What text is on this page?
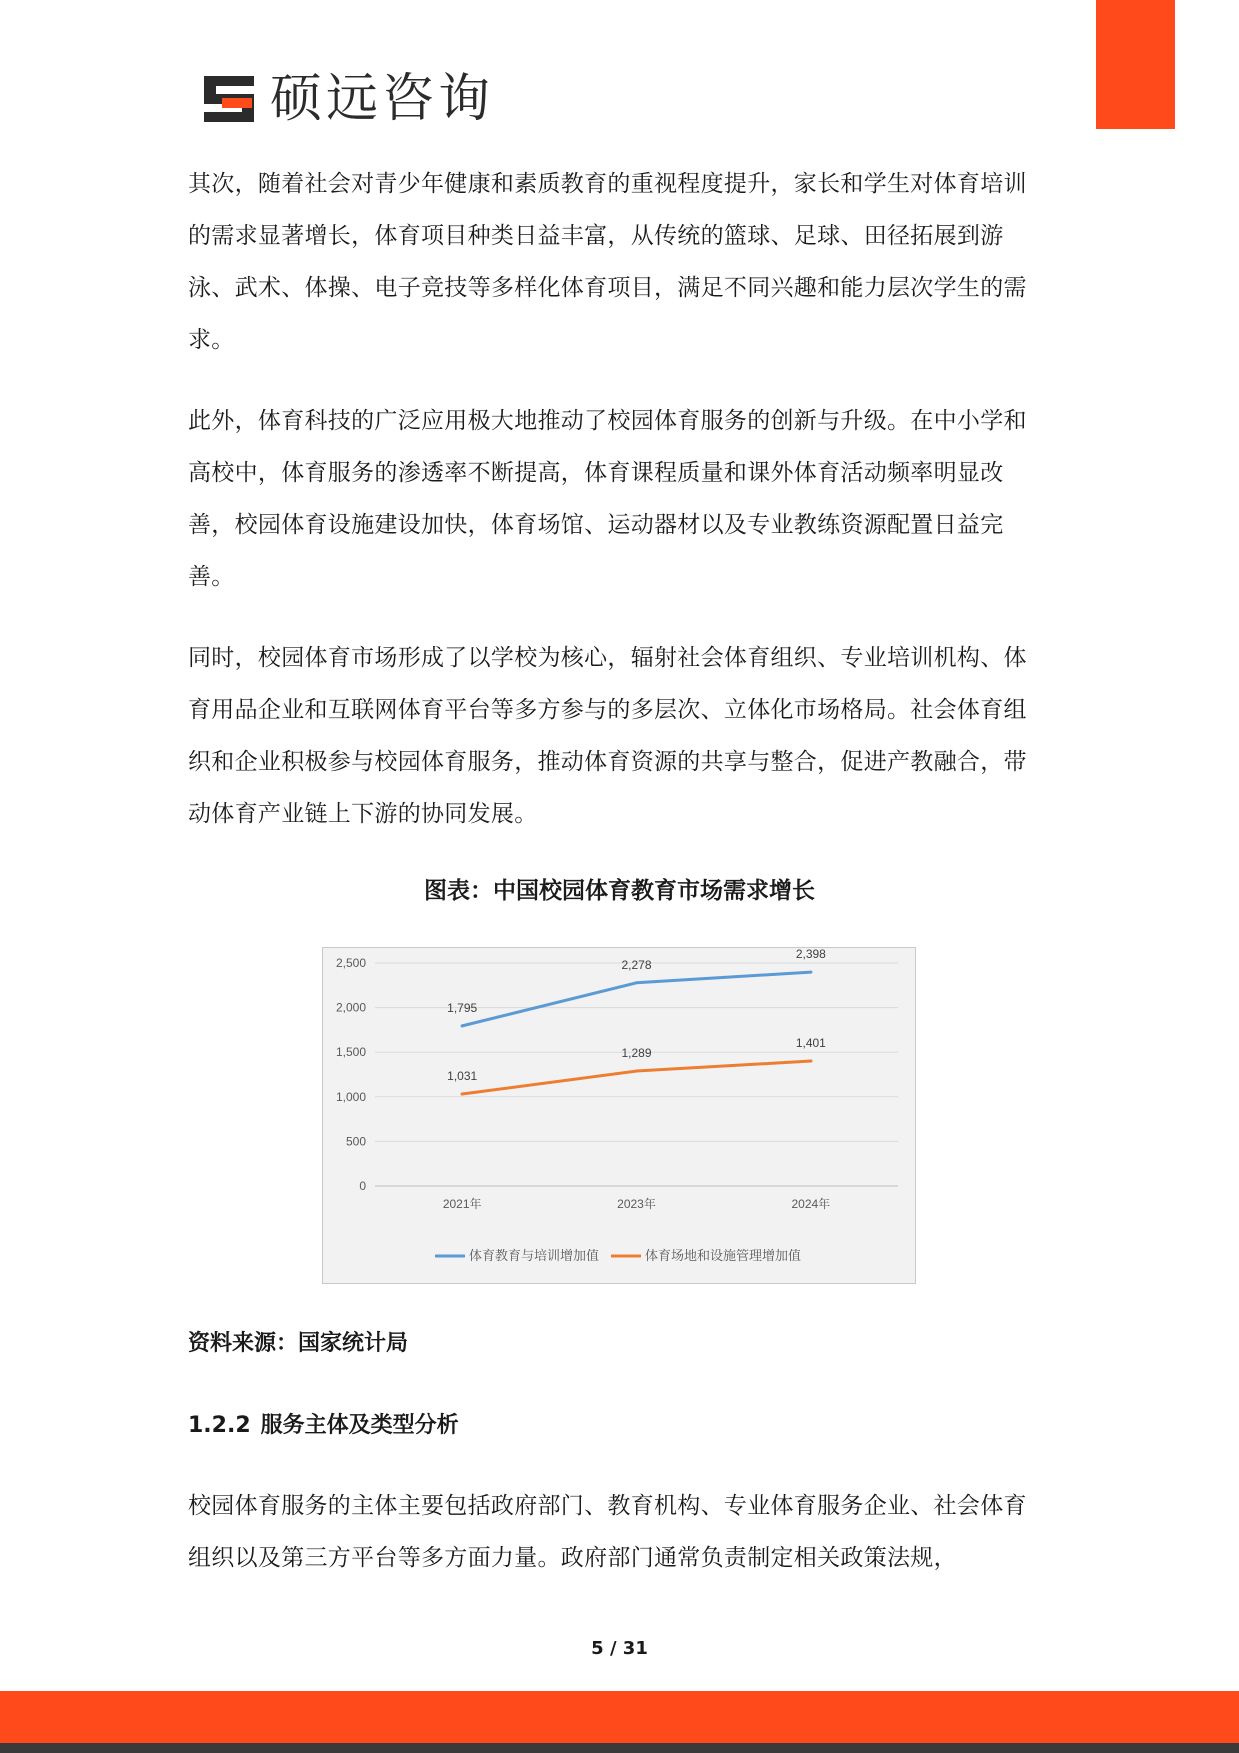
硕远咨询

其次，随着社会对青少年健康和素质教育的重视程度提升，家长和学生对体育培训的需求显著增长，体育项目种类日益丰富，从传统的篮球、足球、田径拓展到游泳、武术、体操、电子竞技等多样化体育项目，满足不同兴趣和能力层次学生的需求。

此外，体育科技的广泛应用极大地推动了校园体育服务的创新与升级。在中小学和高校中，体育服务的渗透率不断提高，体育课程质量和课外体育活动频率明显改善，校园体育设施建设加快，体育场馆、运动器材以及专业教练资源配置日益完善。

同时，校园体育市场形成了以学校为核心，辐射社会体育组织、专业培训机构、体育用品企业和互联网体育平台等多方参与的多层次、立体化市场格局。社会体育组织和企业积极参与校园体育服务，推动体育资源的共享与整合，促进产教融合，带动体育产业链上下游的协同发展。

图表：中国校园体育教育市场需求增长
0
500
1,000
1,500
2,000
2,500
2021年	2023年	2024年
1,795
2,278
2,398
1,031
1,289
1,401
体育教育与培训增加值	体育场地和设施管理增加值
资料来源：国家统计局
1.2.2 服务主体及类型分析

校园体育服务的主体主要包括政府部门、教育机构、专业体育服务企业、社会体育组织以及第三方平台等多方面力量。政府部门通常负责制定相关政策法规，

5 / 31
